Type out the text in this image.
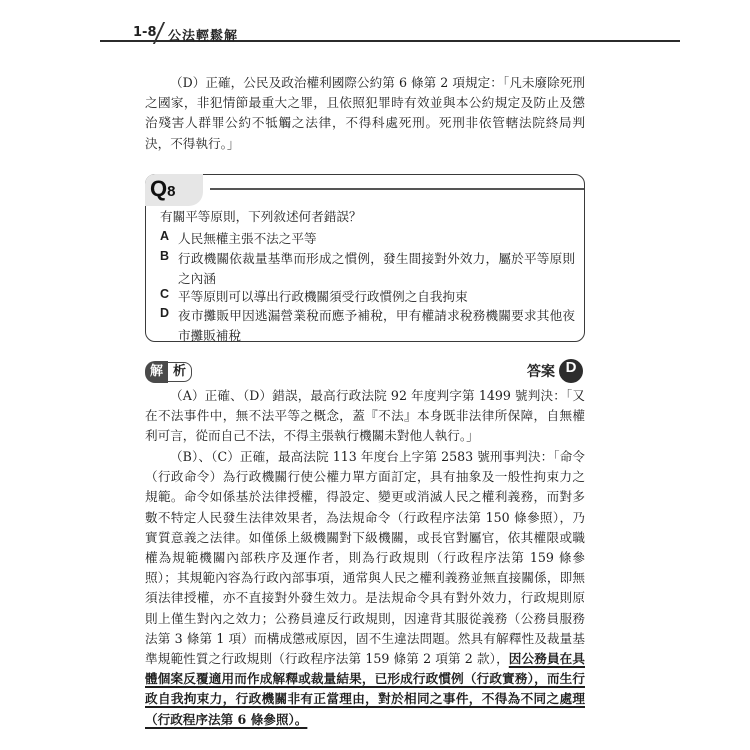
1-8 公法輕鬆解
（D）正確，公民及政治權利國際公約第 6 條第 2 項規定：「凡未廢除死刑之國家，非犯情節最重大之罪，且依照犯罪時有效並與本公約規定及防止及懲治殘害人群罪公約不牴觸之法律，不得科處死刑。死刑非依管轄法院終局判決，不得執行。」
Q8
有關平等原則，下列敘述何者錯誤？
A 人民無權主張不法之平等
B 行政機關依裁量基準而形成之慣例，發生間接對外效力，屬於平等原則之內涵
C 平等原則可以導出行政機關須受行政慣例之自我拘束
D 夜市攤販甲因逃漏營業稅而應予補稅，甲有權請求稅務機關要求其他夜市攤販補稅
解 析	答案 D
（A）正確、（D）錯誤，最高行政法院 92 年度判字第 1499 號判決：「又在不法事件中，無不法平等之概念，蓋『不法』本身既非法律所保障，自無權利可言，從而自己不法，不得主張執行機關未對他人執行。」
（B）、（C）正確，最高法院 113 年度台上字第 2583 號刑事判決：「命令（行政命令）為行政機關行使公權力單方面訂定，具有抽象及一般性拘束力之規範。命令如係基於法律授權，得設定、變更或消滅人民之權利義務，而對多數不特定人民發生法律效果者，為法規命令（行政程序法第 150 條參照），乃實質意義之法律。如僅係上級機關對下級機關，或長官對屬官，依其權限或職權為規範機關內部秩序及運作者，則為行政規則（行政程序法第 159 條參照）；其規範內容為行政內部事項，通常與人民之權利義務並無直接關係，即無須法律授權，亦不直接對外發生效力。是法規命令具有對外效力，行政規則原則上僅生對內之效力；公務員違反行政規則，因違背其服從義務（公務員服務法第 3 條第 1 項）而構成懲戒原因，固不生違法問題。然具有解釋性及裁量基準規範性質之行政規則（行政程序法第 159 條第 2 項第 2 款），因公務員在具體個案反覆適用而作成解釋或裁量結果，已形成行政慣例（行政實務），而生行政自我拘束力，行政機關非有正當理由，對於相同之事件，不得為不同之處理（行政程序法第 6 條參照）。
